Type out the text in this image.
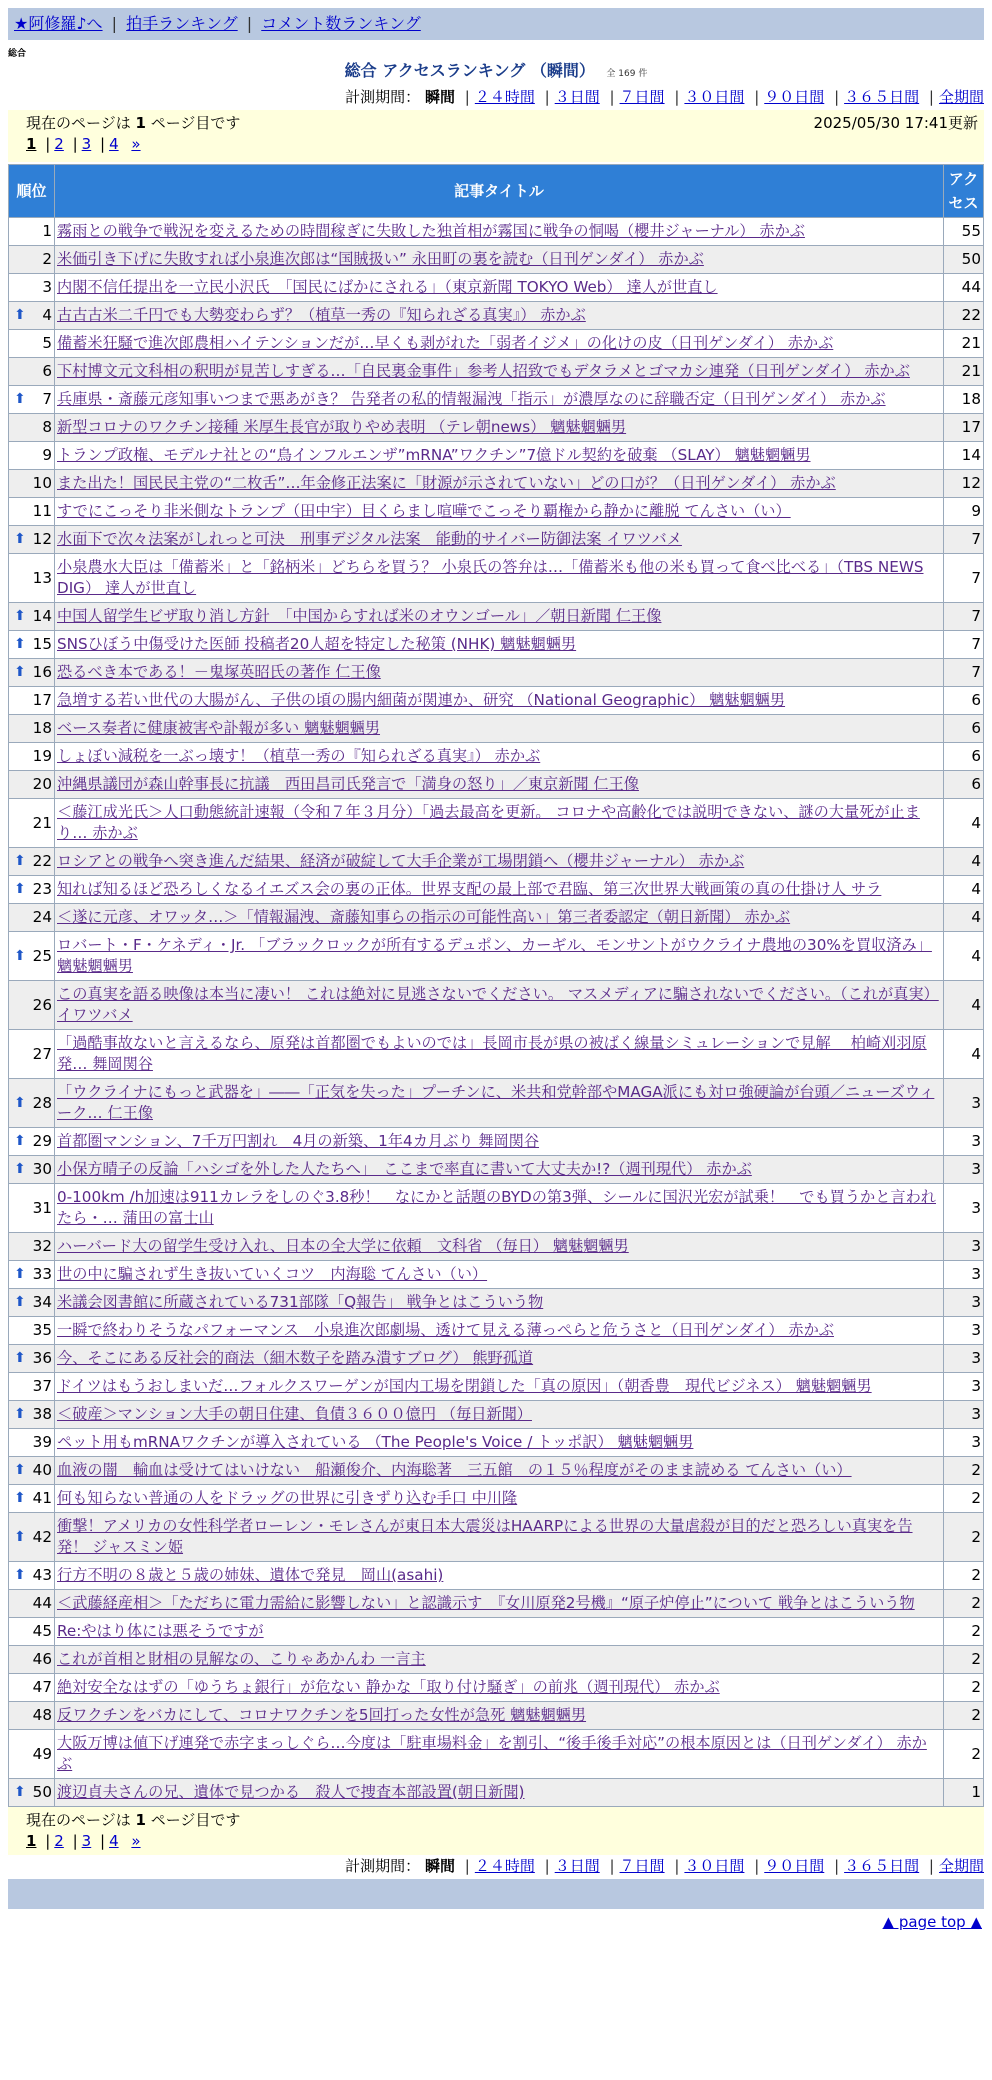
★阿修羅♪へ | 拍手ランキング | コメント数ランキング
総合
総合 アクセスランキング （瞬間） 全 169 件
計測期間： 瞬間 | ２４時間 | ３日間 | ７日間 | ３０日間 | ９０日間 | ３６５日間 | 全期間
現在のページは 1 ページ目です	2025/05/30 17:41更新
1 | 2 | 3 | 4 »
順位	記事タイトル	アクセス
1	霧雨との戦争で戦況を変えるための時間稼ぎに失敗した独首相が霧国に戦争の恫喝（櫻井ジャーナル） 赤かぶ	55
2	米価引き下げに失敗すれば小泉進次郎は“国賊扱い” 永田町の裏を読む（日刊ゲンダイ） 赤かぶ	50
3	内閣不信任提出を一立民小沢氏　「国民にばかにされる」（東京新聞 TOKYO Web） 達人が世直し	44

⬆ 4	古古古米二千円でも大勢変わらず？（植草一秀の『知られざる真実』） 赤かぶ	22
5	備蓄米狂騒で進次郎農相ハイテンションだが…早くも剥がれた「弱者イジメ」の化けの皮（日刊ゲンダイ） 赤かぶ	21
6	下村博文元文科相の釈明が見苦しすぎる…「自民裏金事件」参考人招致でもデタラメとゴマカシ連発（日刊ゲンダイ） 赤かぶ	21

⬆ 7	兵庫県・斎藤元彦知事いつまで悪あがき？ 告発者の私的情報漏洩「指示」が濃厚なのに辞職否定（日刊ゲンダイ） 赤かぶ	18
8	新型コロナのワクチン接種 米厚生長官が取りやめ表明 （テレ朝news） 魑魅魍魎男	17
9	トランプ政権、モデルナ社との“鳥インフルエンザ”mRNA”ワクチン”7億ドル契約を破棄 （SLAY） 魑魅魍魎男	14
10	また出た！国民民主党の“二枚舌”…年金修正法案に「財源が示されていない」どの口が？（日刊ゲンダイ） 赤かぶ	12
11	すでにこっそり非米側なトランプ（田中宇）目くらまし喧嘩でこっそり覇権から静かに離脱 てんさい（い）	9

⬆ 12	水面下で次々法案がしれっと可決　刑事デジタル法案　能動的サイバー防御法案 イワツバメ	7
13	小泉農水大臣は「備蓄米」と「銘柄米」どちらを買う？ 小泉氏の答弁は…「備蓄米も他の米も買って食べ比べる」（TBS NEWS DIG） 達人が世直し	7

⬆ 14	中国人留学生ビザ取り消し方針　「中国からすれば米のオウンゴール」／朝日新聞 仁王像	7

⬆ 15	SNSひぼう中傷受けた医師 投稿者20人超を特定した秘策 (NHK) 魑魅魍魎男	7

⬆ 16	恐るべき本である！－鬼塚英昭氏の著作 仁王像	7
17	急増する若い世代の大腸がん、子供の頃の腸内細菌が関連か、研究 （National Geographic） 魑魅魍魎男	6
18	ベース奏者に健康被害や訃報が多い 魑魅魍魎男	6
19	しょぼい減税を一ぶっ壊す！（植草一秀の『知られざる真実』） 赤かぶ	6
20	沖縄県議団が森山幹事長に抗議　西田昌司氏発言で「満身の怒り」／東京新聞 仁王像	6
21	＜藤江成光氏＞人口動態統計速報（令和７年３月分）「過去最高を更新。 コロナや高齢化では説明できない、謎の大量死が止まり… 赤かぶ	4

⬆ 22	ロシアとの戦争へ突き進んだ結果、経済が破綻して大手企業が工場閉鎖へ（櫻井ジャーナル） 赤かぶ	4

⬆ 23	知れば知るほど恐ろしくなるイエズス会の裏の正体。世界支配の最上部で君臨、第三次世界大戦画策の真の仕掛け人 サラ	4
24	＜遂に元彦、オワッタ…＞「情報漏洩、斎藤知事らの指示の可能性高い」第三者委認定（朝日新聞） 赤かぶ	4

⬆ 25	ロバート・F・ケネディ・Jr. 「ブラックロックが所有するデュポン、カーギル、モンサントがウクライナ農地の30%を買収済み」 魑魅魍魎男	4
26	この真実を語る映像は本当に凄い！ これは絶対に見逃さないでください。 マスメディアに騙されないでください。（これが真実） イワツバメ	4
27	「過酷事故ないと言えるなら、原発は首都圏でもよいのでは」長岡市長が県の被ばく線量シミュレーションで見解　 柏崎刈羽原発… 舞岡関谷	4

⬆ 28	「ウクライナにもっと武器を」――「正気を失った」プーチンに、米共和党幹部やMAGA派にも対ロ強硬論が台頭／ニューズウィーク… 仁王像	3

⬆ 29	首都圏マンション、7千万円割れ　4月の新築、1年4カ月ぶり 舞岡関谷	3

⬆ 30	小保方晴子の反論「ハシゴを外した人たちへ」　ここまで率直に書いて大丈夫か!?（週刊現代） 赤かぶ	3
31	0-100km /h加速は911カレラをしのぐ3.8秒！　なにかと話題のBYDの第3弾、シールに国沢光宏が試乗！　でも買うかと言われたら・… 蒲田の富士山	3
32	ハーバード大の留学生受け入れ、日本の全大学に依頼　文科省 （毎日） 魑魅魍魎男	3

⬆ 33	世の中に騙されず生き抜いていくコツ　内海聡 てんさい（い）	3

⬆ 34	米議会図書館に所蔵されている731部隊「Q報告」 戦争とはこういう物	3
35	一瞬で終わりそうなパフォーマンス　小泉進次郎劇場、透けて見える薄っぺらと危うさと（日刊ゲンダイ） 赤かぶ	3

⬆ 36	今、そこにある反社会的商法（細木数子を踏み潰すブログ） 熊野孤道	3
37	ドイツはもうおしまいだ…フォルクスワーゲンが国内工場を閉鎖した「真の原因」（朝香豊　現代ビジネス） 魑魅魍魎男	3

⬆ 38	＜破産＞マンション大手の朝日住建、負債３６００億円 （毎日新聞）	3
39	ペット用もmRNAワクチンが導入されている （The People's Voice / トッポ訳） 魑魅魍魎男	3

⬆ 40	血液の闇　輸血は受けてはいけない　船瀬俊介、内海聡著　三五館　の１５％程度がそのまま読める てんさい（い）	2

⬆ 41	何も知らない普通の人をドラッグの世界に引きずり込む手口 中川隆	2

⬆ 42	衝撃！アメリカの女性科学者ローレン・モレさんが東日本大震災はHAARPによる世界の大量虐殺が目的だと恐ろしい真実を告発！ ジャスミン姫	2

⬆ 43	行方不明の８歳と５歳の姉妹、遺体で発見　岡山(asahi)	2
44	＜武藤経産相＞「ただちに電力需給に影響しない」と認識示す　『女川原発2号機』“原子炉停止”について 戦争とはこういう物	2
45	Re:やはり体には悪そうですが	2
46	これが首相と財相の見解なの、こりゃあかんわ 一言主	2
47	絶対安全なはずの「ゆうちょ銀行」が危ない 静かな「取り付け騒ぎ」の前兆（週刊現代） 赤かぶ	2
48	反ワクチンをバカにして、コロナワクチンを5回打った女性が急死 魑魅魍魎男	2
49	大阪万博は値下げ連発で赤字まっしぐら…今度は「駐車場料金」を割引、“後手後手対応”の根本原因とは（日刊ゲンダイ） 赤かぶ	2

⬆ 50	渡辺貞夫さんの兄、遺体で見つかる　殺人で捜査本部設置(朝日新聞)	1
現在のページは 1 ページ目です
1 | 2 | 3 | 4 »
計測期間： 瞬間 | ２４時間 | ３日間 | ７日間 | ３０日間 | ９０日間 | ３６５日間 | 全期間
▲ page top ▲
